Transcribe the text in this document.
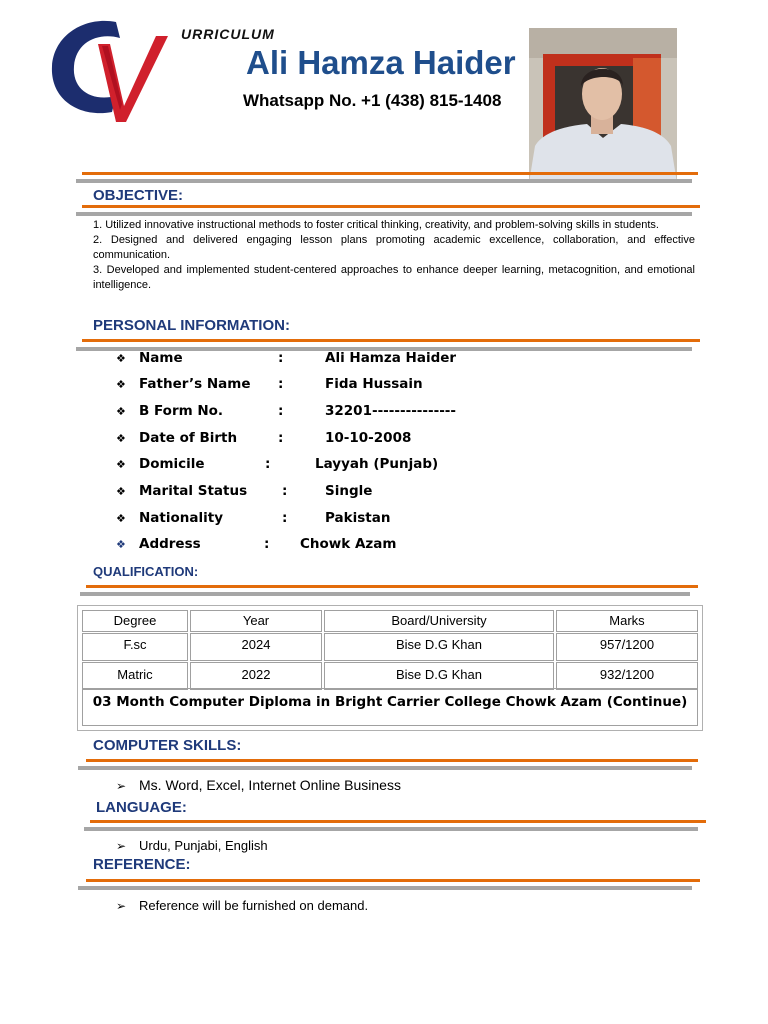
URRICULUM
Ali Hamza Haider
Whatsapp No. +1 (438) 815-1408
OBJECTIVE:

1. Utilized innovative instructional methods to foster critical thinking, creativity, and problem-solving skills in students.

2. Designed and delivered engaging lesson plans promoting academic excellence, collaboration, and effective communication.

3. Developed and implemented student-centered approaches to enhance deeper learning, metacognition, and emotional intelligence.

PERSONAL INFORMATION:
❖ Name	:	Ali Hamza Haider
❖ Father’s Name :	Fida Hussain
❖ B Form No.	:	32201---------------
❖ Date of Birth	:	10-10-2008
❖ Domicile	:	Layyah (Punjab)
❖ Marital Status	:	Single
❖ Nationality	:	Pakistan
❖ Address	: Chowk Azam
QUALIFICATION:
Degree	Year	Board/University	Marks
F.sc	2024	Bise D.G Khan	957/1200
Matric	2022	Bise D.G Khan	932/1200
03 Month Computer Diploma in Bright Carrier College Chowk Azam (Continue)
COMPUTER SKILLS:
➢ Ms. Word, Excel, Internet Online Business
LANGUAGE:
➢ Urdu, Punjabi, English
REFERENCE:
➢ Reference will be furnished on demand.
